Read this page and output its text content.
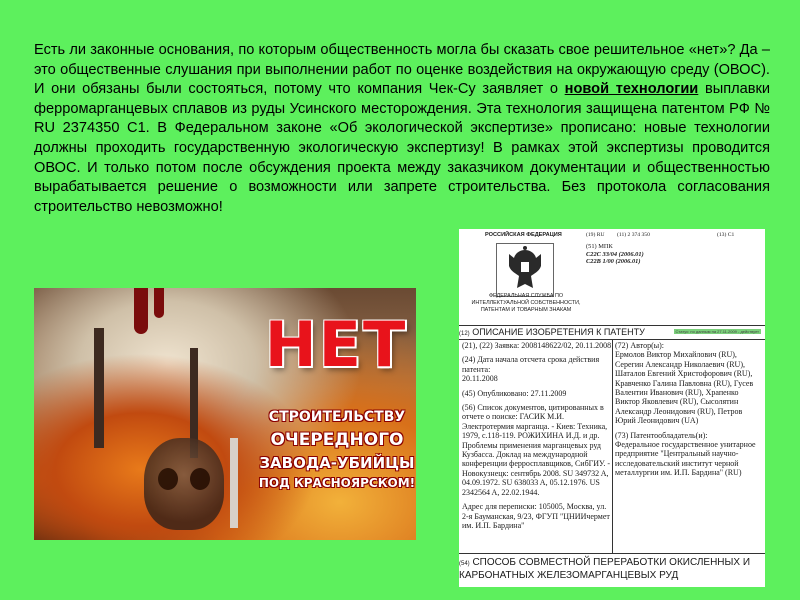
Есть ли законные основания, по которым общественность могла бы сказать свое решительное «нет»? Да – это общественные слушания при выполнении работ по оценке воздействия на окружающую среду (ОВОС). И они обязаны были состояться, потому что компания Чек-Су заявляет о новой технологии выплавки ферромарганцевых сплавов из руды Усинского месторождения. Эта технология защищена патентом РФ № RU 2374350 C1. В Федеральном законе «Об экологической экспертизе» прописано: новые технологии должны проходить государственную экологическую экспертизу! В рамках этой экспертизы проводится ОВОС. И только потом после обсуждения проекта между заказчиком документации и общественностью вырабатывается решение о возможности или запрете строительства. Без протокола согласования строительство невозможно!
НЕТ
СТРОИТЕЛЬСТВУ
ОЧЕРЕДНОГО
ЗАВОДА-УБИЙЦЫ
ПОД КРАСНОЯРСКОМ!
РОССИЙСКАЯ ФЕДЕРАЦИЯ	(19) RU (11) 2 374 350	(13) C1
(51) МПК
C22C 33/04 (2006.01)
C22B 1/00 (2006.01)
ФЕДЕРАЛЬНАЯ СЛУЖБА ПО ИНТЕЛЛЕКТУАЛЬНОЙ СОБСТВЕННОСТИ, ПАТЕНТАМ И ТОВАРНЫМ ЗНАКАМ
(12) ОПИСАНИЕ ИЗОБРЕТЕНИЯ К ПАТЕНТУ	Статус: по данным на 27.11.2009 - действует
(21), (22) Заявка: 2008148622/02, 20.11.2008
(24) Дата начала отсчета срока действия патента:
20.11.2008
(45) Опубликовано: 27.11.2009
(56) Список документов, цитированных в отчете о поиске: ГАСИК М.И. Электротермия марганца. - Киев: Техника, 1979, с.118-119. РОЖИХИНА И.Д. и др. Проблемы применения марганцевых руд Кузбасса. Доклад на международной конференции ферросплавщиков, СибГИУ. - Новокузнецк: сентябрь 2008. SU 349732 A, 04.09.1972. SU 638033 A, 05.12.1976. US 2342564 A, 22.02.1944.
Адрес для переписки: 105005, Москва, ул. 2-я Бауманская, 9/23, ФГУП "ЦНИИчермет им. И.П. Бардина"
(72) Автор(ы):
Ермолов Виктор Михайлович (RU), Серегин Александр Николаевич (RU), Шаталов Евгений Христофорович (RU), Кравченко Галина Павловна (RU), Гусев Валентин Иванович (RU), Храпенко Виктор Яковлевич (RU), Сысолятин Александр Леонидович (RU), Петров Юрий Леонидович (UA)
(73) Патентообладатель(и):
Федеральное государственное унитарное предприятие "Центральный научно-исследовательский институт черной металлургии им. И.П. Бардина" (RU)
(54) СПОСОБ СОВМЕСТНОЙ ПЕРЕРАБОТКИ ОКИСЛЕННЫХ И КАРБОНАТНЫХ ЖЕЛЕЗОМАРГАНЦЕВЫХ РУД
